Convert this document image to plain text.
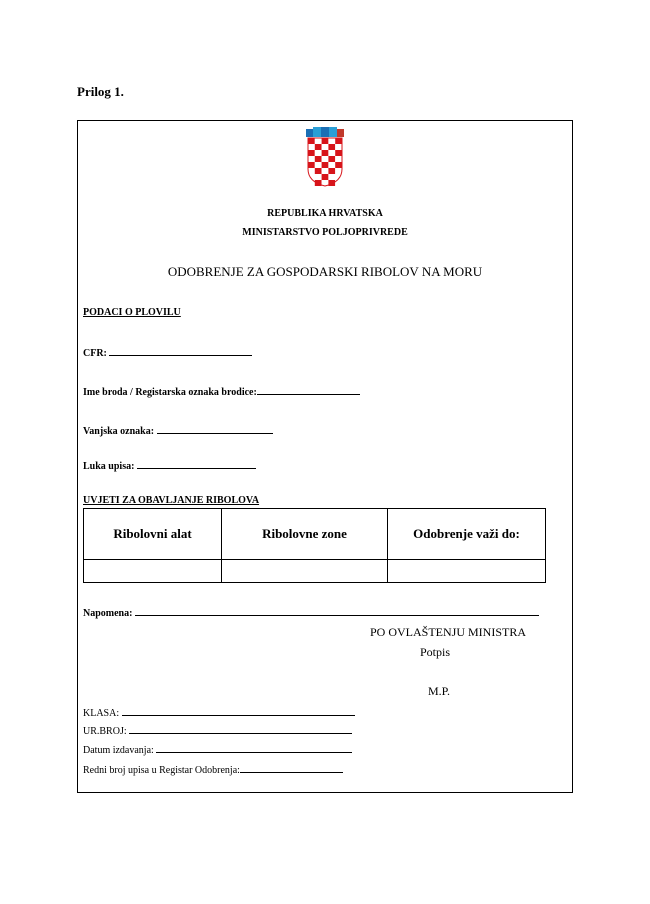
Prilog 1.
REPUBLIKA HRVATSKA
MINISTARSTVO POLJOPRIVREDE
ODOBRENJE ZA GOSPODARSKI RIBOLOV NA MORU
PODACI O PLOVILU
CFR:
Ime broda / Registarska oznaka brodice:
Vanjska oznaka:
Luka upisa:
UVJETI ZA OBAVLJANJE RIBOLOVA
Ribolovni alat	Ribolovne zone	Odobrenje važi do:

Napomena:
PO OVLAŠTENJU MINISTRA
Potpis
M.P.
KLASA:
UR.BROJ:
Datum izdavanja:
Redni broj upisa u Registar Odobrenja:
